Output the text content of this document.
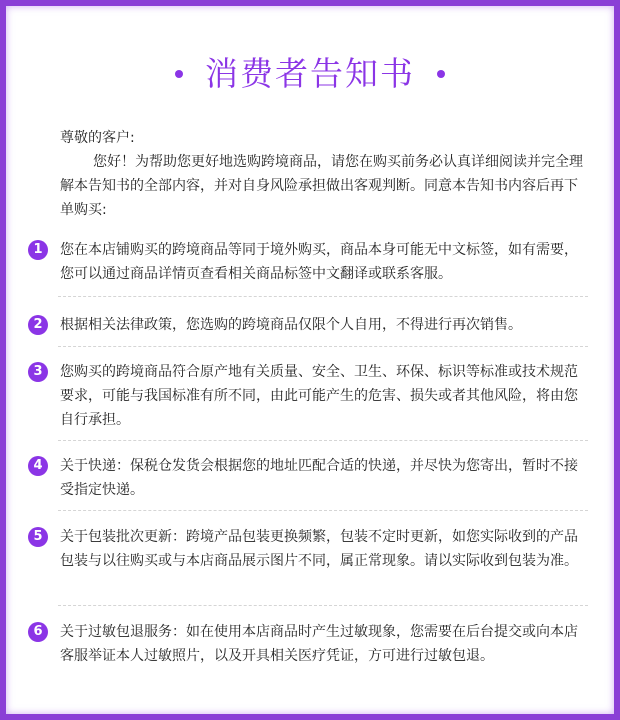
消费者告知书

尊敬的客户:

您好！为帮助您更好地选购跨境商品，请您在购买前务必认真详细阅读并完全理解本告知书的全部内容，并对自身风险承担做出客观判断。同意本告知书内容后再下单购买:

1	您在本店铺购买的跨境商品等同于境外购买，商品本身可能无中文标签，如有需要，您可以通过商品详情页查看相关商品标签中文翻译或联系客服。
2	根据相关法律政策，您选购的跨境商品仅限个人自用，不得进行再次销售。
3	您购买的跨境商品符合原产地有关质量、安全、卫生、环保、标识等标准或技术规范要求，可能与我国标准有所不同，由此可能产生的危害、损失或者其他风险，将由您自行承担。
4	关于快递：保税仓发货会根据您的地址匹配合适的快递，并尽快为您寄出，暂时不接受指定快递。
5	关于包装批次更新：跨境产品包装更换频繁，包装不定时更新，如您实际收到的产品包装与以往购买或与本店商品展示图片不同，属正常现象。请以实际收到包装为准。
6	关于过敏包退服务：如在使用本店商品时产生过敏现象，您需要在后台提交或向本店客服举证本人过敏照片，以及开具相关医疗凭证，方可进行过敏包退。
